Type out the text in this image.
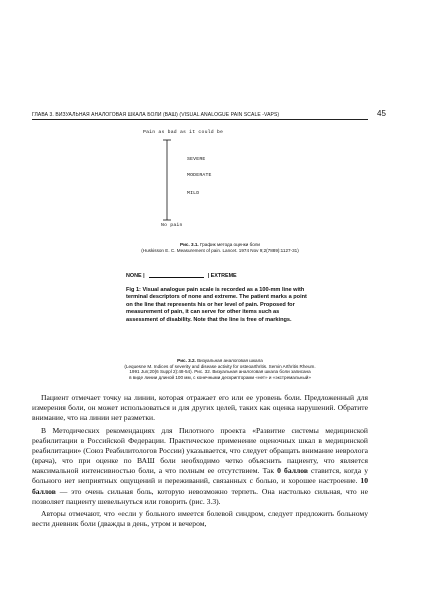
ГЛАВА 3. ВИЗУАЛЬНАЯ АНАЛОГОВАЯ ШКАЛА БОЛИ (ВАШ) (VISUAL ANALOGUE PAIN SCALE -VAPS)	45
Pain as bad as it could be
SEVERE
MODERATE
MILD
No pain
Рис. 3.1. График метода оценки боли
(Huskisson E. C. Measurement of pain. Lancet. 1974 Nov 9;2(7889):1127-31)
NONE |	| EXTREME
Fig 1: Visual analogue pain scale is recorded as a 100-mm line with terminal descriptors of none and extreme. The patient marks a point on the line that represents his or her level of pain. Proposed for measurement of pain, it can serve for other items such as assessment of disability. Note that the line is free of markings.
Рис. 3.2. Визуальная аналоговая шкала
(Lequesne M. Indices of severity and disease activity for osteoarthritis. Semin Arthritis Rheum.
1991 Jun;20(6 Suppl 2):48-54). Рис. 32. Визуальная аналоговая шкала боли записана
в виде линии длиной 100 мм, с конечными дескрипторами «нет» и «экстремальный»

Пациент отмечает точку на линии, которая отражает его или ее уровень боли. Предложенный для измерения боли, он может использоваться и для других целей, таких как оценка нарушений. Обратите внимание, что на линии нет разметки.

В Методических рекомендациях для Пилотного проекта «Развитие системы медицинской реабилитации в Российской Федерации. Практическое применение оценочных шкал в медицинской реабилитации» (Союз Реабилитологов России) указывается, что следует обращать внимание невролога (врача), что при оценке по ВАШ боли необходимо четко объяснить пациенту, что является максимальной интенсивностью боли, а что полным ее отсутствием. Так 0 баллов ставится, когда у больного нет неприятных ощущений и переживаний, связанных с болью, и хорошее настроение. 10 баллов — это очень сильная боль, которую невозможно терпеть. Она настолько сильная, что не позволяет пациенту шевельнуться или говорить (рис. 3.3).

Авторы отмечают, что «если у больного имеется болевой синдром, следует предложить больному вести дневник боли (дважды в день, утром и вечером,
